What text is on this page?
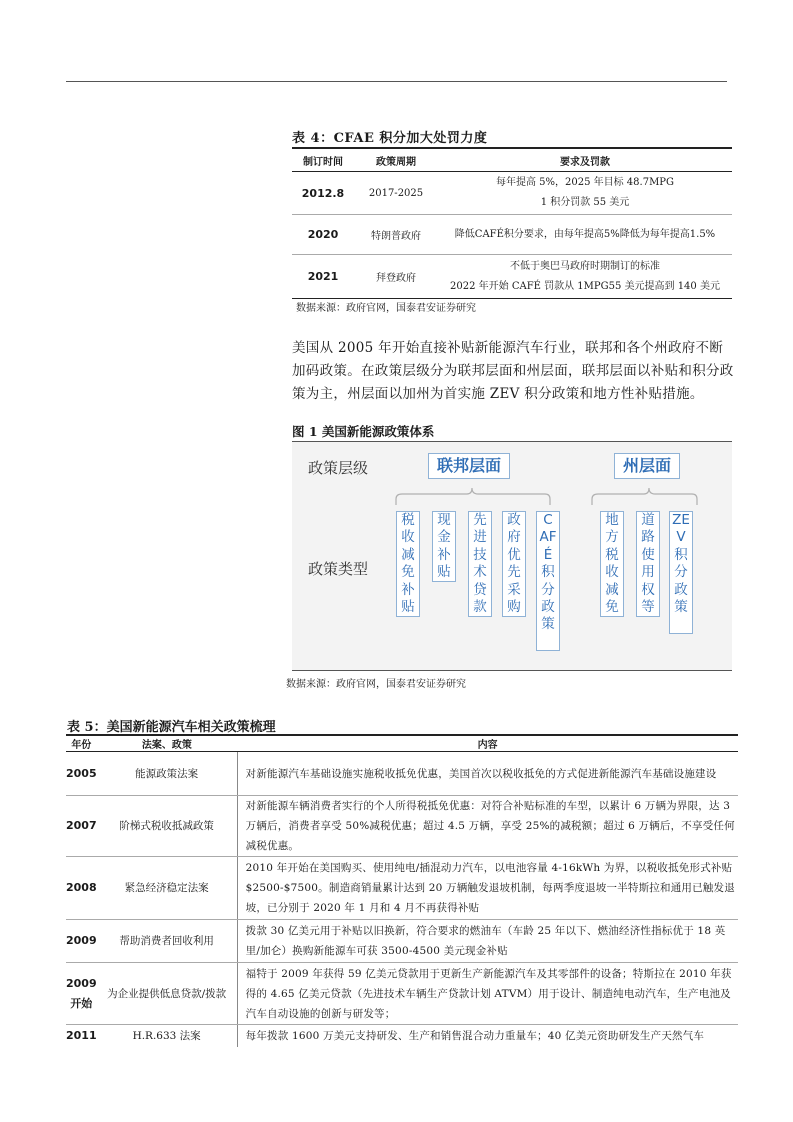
表 4：CFAE 积分加大处罚力度
制订时间	政策周期	要求及罚款
2012.8	2017-2025	每年提高 5%，2025 年目标 48.7MPG
1 积分罚款 55 美元

2020	特朗普政府	降低CAFÉ积分要求，由每年提高5%降低为每年提高1.5%

2021	拜登政府	不低于奥巴马政府时期制订的标准
2022 年开始 CAFÉ 罚款从 1MPG55 美元提高到 140 美元
数据来源：政府官网，国泰君安证券研究
美国从 2005 年开始直接补贴新能源汽车行业，联邦和各个州政府不断加码政策。在政策层级分为联邦层面和州层面，联邦层面以补贴和积分政策为主，州层面以加州为首实施 ZEV 积分政策和地方性补贴措施。
图 1 美国新能源政策体系
政策层级
政策类型
联邦层面	州层面
税收减免补贴
现金补贴
先进技术贷款
政府优先采购
CAFÉ积分政策
地方税收减免
道路使用权等
ZEV积分政策
数据来源：政府官网，国泰君安证券研究
表 5：美国新能源汽车相关政策梳理
年份	法案、政策	内容
2005	能源政策法案	对新能源汽车基础设施实施税收抵免优惠，美国首次以税收抵免的方式促进新能源汽车基础设施建设
2007	阶梯式税收抵减政策	对新能源车辆消费者实行的个人所得税抵免优惠：对符合补贴标准的车型，以累计 6 万辆为界限，达 3 万辆后，消费者享受 50%减税优惠；超过 4.5 万辆，享受 25%的减税额；超过 6 万辆后，不享受任何减税优惠。
2008	紧急经济稳定法案	2010 年开始在美国购买、使用纯电/插混动力汽车，以电池容量 4-16kWh 为界，以税收抵免形式补贴$2500-$7500。制造商销量累计达到 20 万辆触发退坡机制，每两季度退坡一半特斯拉和通用已触发退坡，已分别于 2020 年 1 月和 4 月不再获得补贴
2009	帮助消费者回收利用	拨款 30 亿美元用于补贴以旧换新，符合要求的燃油车（车龄 25 年以下、燃油经济性指标优于 18 英里/加仑）换购新能源车可获 3500-4500 美元现金补贴
2009 开始	为企业提供低息贷款/拨款	福特于 2009 年获得 59 亿美元贷款用于更新生产新能源汽车及其零部件的设备；特斯拉在 2010 年获得的 4.65 亿美元贷款（先进技术车辆生产贷款计划 ATVM）用于设计、制造纯电动汽车，生产电池及汽车自动设施的创新与研发等；
2011	H.R.633 法案	每年拨款 1600 万美元支持研发、生产和销售混合动力重量车；40 亿美元资助研发生产天然气车
